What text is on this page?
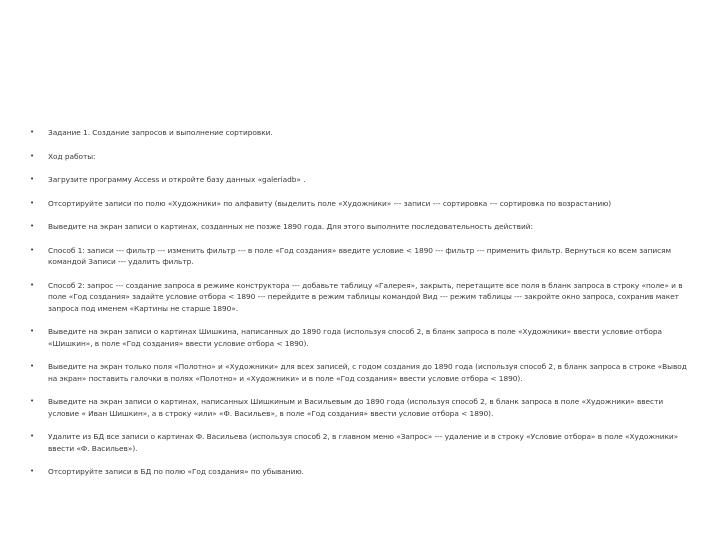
• Задание 1. Создание запросов и выполнение сортировки.
• Ход работы:
• Загрузите программу Access и откройте базу данных «galeriadb» .
• Отсортируйте записи по полю «Художники» по алфавиту (выделить поле «Художники» --- записи --- сортировка --- сортировка по возрастанию)
• Выведите на экран записи о картинах, созданных не позже 1890 года. Для этого выполните последовательность действий:
• Способ 1: записи --- фильтр --- изменить фильтр --- в поле «Год создания» введите условие < 1890 --- фильтр --- применить фильтр. Вернуться ко всем записям командой Записи --- удалить фильтр.
• Способ 2: запрос --- создание запроса в режиме конструктора --- добавьте таблицу «Галерея», закрыть, перетащите все поля в бланк запроса в строку «поле» и в поле «Год создания» задайте условие отбора < 1890 --- перейдите в режим таблицы командой Вид --- режим таблицы --- закройте окно запроса, сохранив макет запроса под именем «Картины не старше 1890».
• Выведите на экран записи о картинах Шишкина, написанных до 1890 года (используя способ 2, в бланк запроса в поле «Художники» ввести условие отбора «Шишкин», в поле «Год создания» ввести условие отбора < 1890).
• Выведите на экран только поля «Полотно» и «Художники» для всех записей, с годом создания до 1890 года (используя способ 2, в бланк запроса в строке «Вывод на экран» поставить галочки в полях «Полотно» и «Художники» и в поле «Год создания» ввести условие отбора < 1890).
• Выведите на экран записи о картинах, написанных Шишкиным и Васильевым до 1890 года (используя способ 2, в бланк запроса в поле «Художники» ввести условие « Иван Шишкин», а в строку «или» «Ф. Васильев», в поле «Год создания» ввести условие отбора < 1890).
• Удалите из БД все записи о картинах Ф. Васильева (используя способ 2, в главном меню «Запрос» --- удаление и в строку «Условие отбора» в поле «Художники» ввести «Ф. Васильев»).
• Отсортируйте записи в БД по полю «Год создания» по убыванию.
